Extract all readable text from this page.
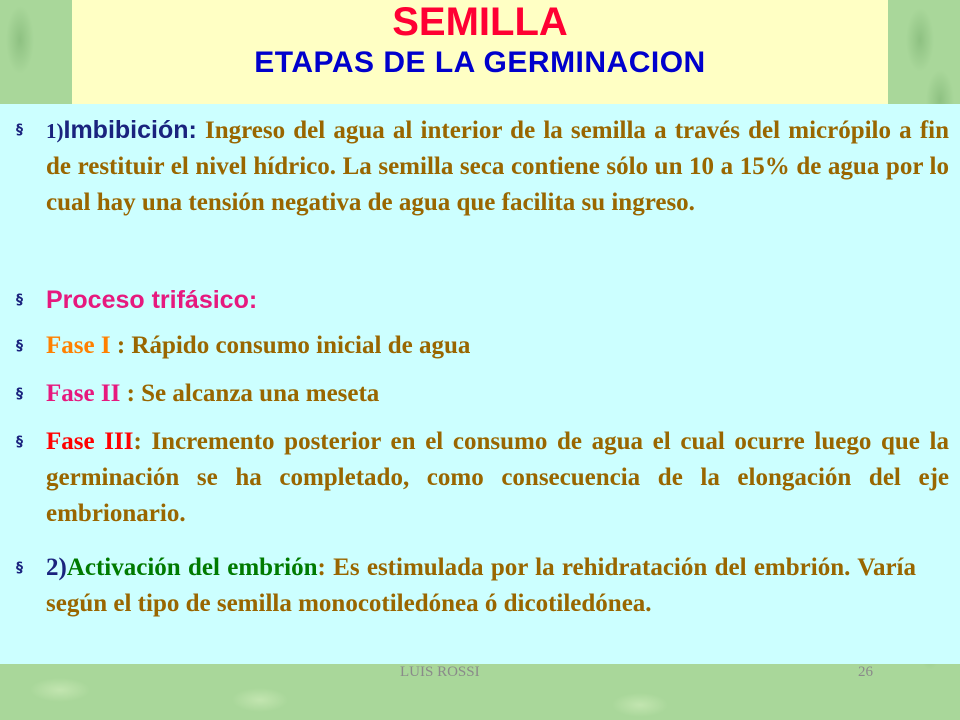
SEMILLA
ETAPAS DE LA GERMINACION
§	1)Imbibición: Ingreso del agua al interior de la semilla a través del micrópilo a fin de restituir el nivel hídrico. La semilla seca contiene sólo un 10 a 15% de agua por lo cual hay una tensión negativa de agua que facilita su ingreso.
§ Proceso trifásico:
§ Fase I : Rápido consumo inicial de agua
§ Fase II : Se alcanza una meseta
§ Fase III: Incremento posterior en el consumo de agua el cual ocurre luego que la germinación se ha completado, como consecuencia de la elongación del eje embrionario.
§ 2)Activación del embrión: Es estimulada por la rehidratación del embrión. Varía según el tipo de semilla monocotiledónea ó dicotiledónea.
LUIS ROSSI	26
